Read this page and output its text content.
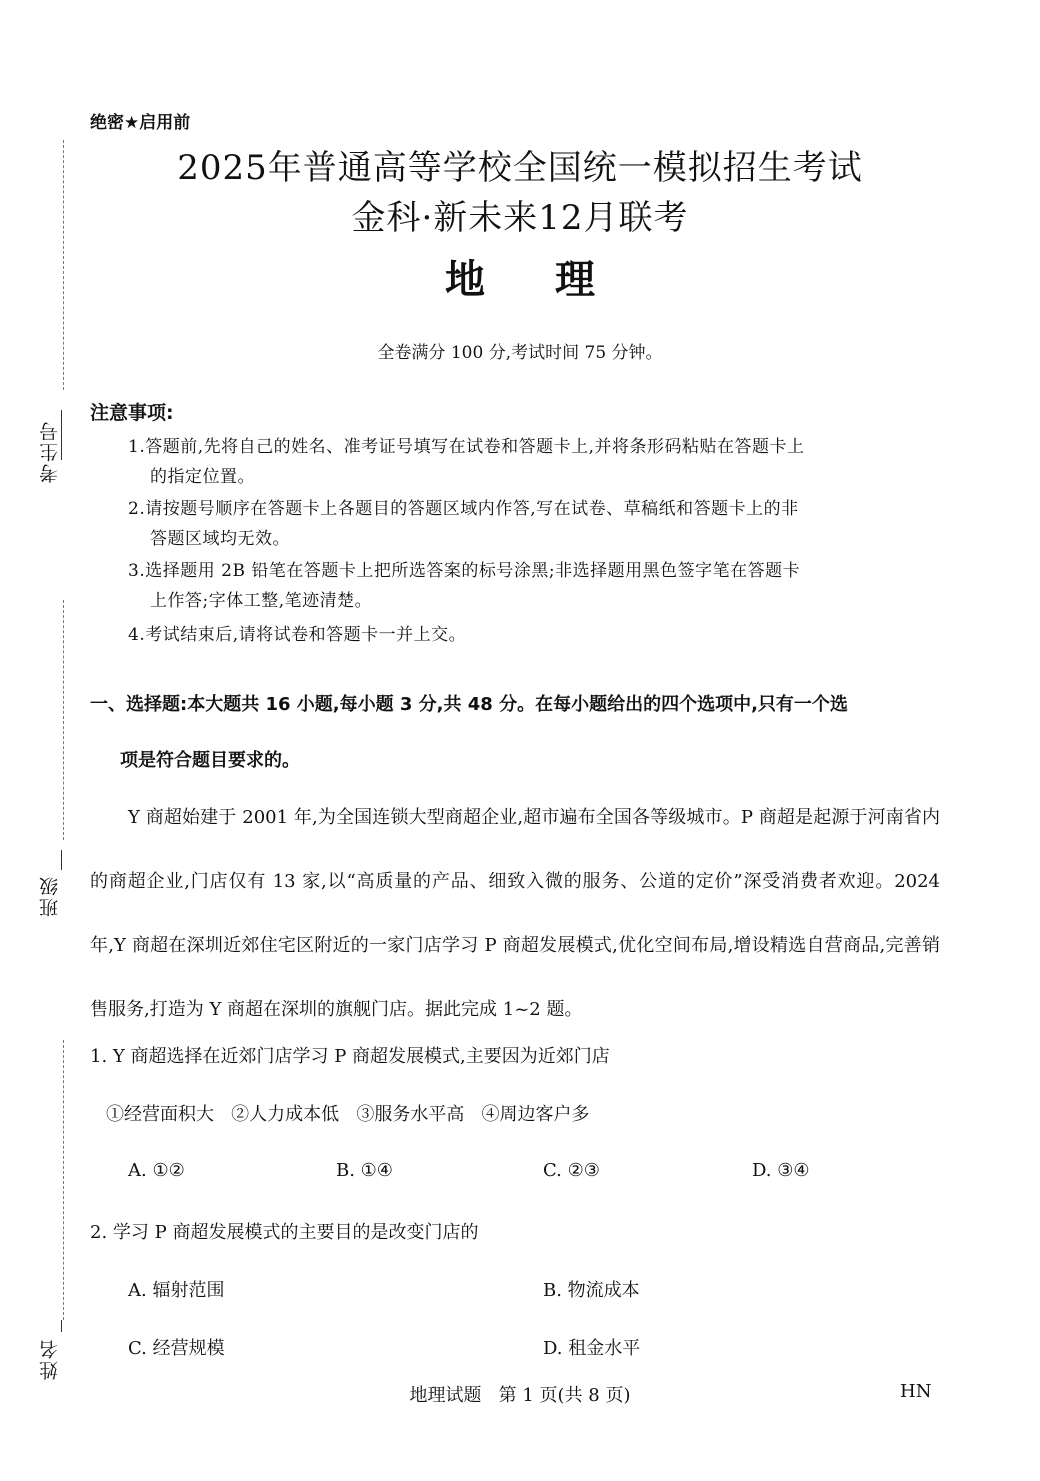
考生号
班级
姓名
绝密★启用前
2025年普通高等学校全国统一模拟招生考试
金科·新未来12月联考
地理
全卷满分 100 分,考试时间 75 分钟。
注意事项:
1.答题前,先将自己的姓名、准考证号填写在试卷和答题卡上,并将条形码粘贴在答题卡上
的指定位置。
2.请按题号顺序在答题卡上各题目的答题区域内作答,写在试卷、草稿纸和答题卡上的非
答题区域均无效。
3.选择题用 2B 铅笔在答题卡上把所选答案的标号涂黑;非选择题用黑色签字笔在答题卡
上作答;字体工整,笔迹清楚。
4.考试结束后,请将试卷和答题卡一并上交。
一、选择题:本大题共 16 小题,每小题 3 分,共 48 分。在每小题给出的四个选项中,只有一个选
项是符合题目要求的。
Y 商超始建于 2001 年,为全国连锁大型商超企业,超市遍布全国各等级城市。P 商超是起源于河南省内的商超企业,门店仅有 13 家,以“高质量的产品、细致入微的服务、公道的定价”深受消费者欢迎。2024 年,Y 商超在深圳近郊住宅区附近的一家门店学习 P 商超发展模式,优化空间布局,增设精选自营商品,完善销售服务,打造为 Y 商超在深圳的旗舰门店。据此完成 1~2 题。
1. Y 商超选择在近郊门店学习 P 商超发展模式,主要因为近郊门店
①经营面积大   ②人力成本低   ③服务水平高   ④周边客户多
A. ①②	B. ①④	C. ②③	D. ③④
2. 学习 P 商超发展模式的主要目的是改变门店的
A. 辐射范围	B. 物流成本
C. 经营规模	D. 租金水平
地理试题   第 1 页(共 8 页)	HN
